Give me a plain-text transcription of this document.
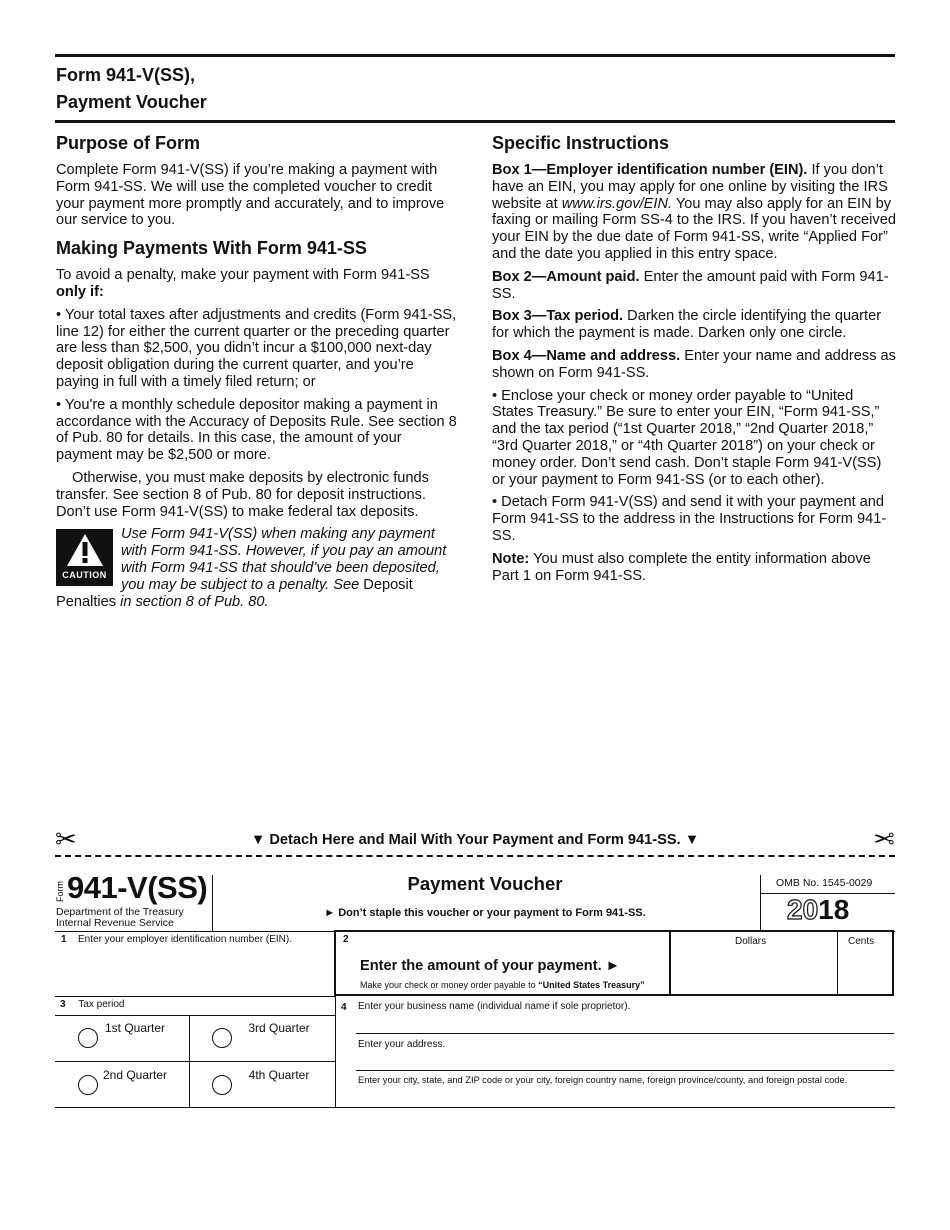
Form 941-V(SS),
Payment Voucher
Purpose of Form

Complete Form 941-V(SS) if you’re making a payment with Form 941-SS. We will use the completed voucher to credit your payment more promptly and accurately, and to improve our service to you.

Making Payments With Form 941-SS

To avoid a penalty, make your payment with Form 941-SS only if:

• Your total taxes after adjustments and credits (Form 941-SS, line 12) for either the current quarter or the preceding quarter are less than $2,500, you didn’t incur a $100,000 next-day deposit obligation during the current quarter, and you’re paying in full with a timely filed return; or

• You're a monthly schedule depositor making a payment in accordance with the Accuracy of Deposits Rule. See section 8 of Pub. 80 for details. In this case, the amount of your payment may be $2,500 or more.

Otherwise, you must make deposits by electronic funds transfer. See section 8 of Pub. 80 for deposit instructions. Don’t use Form 941-V(SS) to make federal tax deposits.

CAUTION
Use Form 941-V(SS) when making any payment with Form 941-SS. However, if you pay an amount with Form 941-SS that should’ve been deposited, you may be subject to a penalty. See Deposit Penalties in section 8 of Pub. 80.
Specific Instructions

Box 1—Employer identification number (EIN). If you don’t have an EIN, you may apply for one online by visiting the IRS website at www.irs.gov/EIN. You may also apply for an EIN by faxing or mailing Form SS-4 to the IRS. If you haven’t received your EIN by the due date of Form 941-SS, write “Applied For” and the date you applied in this entry space.

Box 2—Amount paid. Enter the amount paid with Form 941-SS.

Box 3—Tax period. Darken the circle identifying the quarter for which the payment is made. Darken only one circle.

Box 4—Name and address. Enter your name and address as shown on Form 941-SS.

• Enclose your check or money order payable to “United States Treasury.” Be sure to enter your EIN, “Form 941-SS,” and the tax period (“1st Quarter 2018,” “2nd Quarter 2018,” “3rd Quarter 2018,” or “4th Quarter 2018”) on your check or money order. Don’t send cash. Don’t staple Form 941-V(SS) or your payment to Form 941-SS (or to each other).

• Detach Form 941-V(SS) and send it with your payment and Form 941-SS to the address in the Instructions for Form 941-SS.

Note: You must also complete the entity information above Part 1 on Form 941-SS.

✂	▼ Detach Here and Mail With Your Payment and Form 941-SS. ▼	✂
Form 941-V(SS)
Department of the Treasury
Internal Revenue Service
Payment Voucher
► Don’t staple this voucher or your payment to Form 941-SS.
OMB No. 1545-0029
2018
1 Enter your employer identification number (EIN).	2
Enter the amount of your payment. ►
Make your check or money order payable to “United States Treasury”
Dollars	Cents
3 Tax period
1st Quarter	3rd Quarter
2nd Quarter	4th Quarter
4 Enter your business name (individual name if sole proprietor).
Enter your address.
Enter your city, state, and ZIP code or your city, foreign country name, foreign province/county, and foreign postal code.
